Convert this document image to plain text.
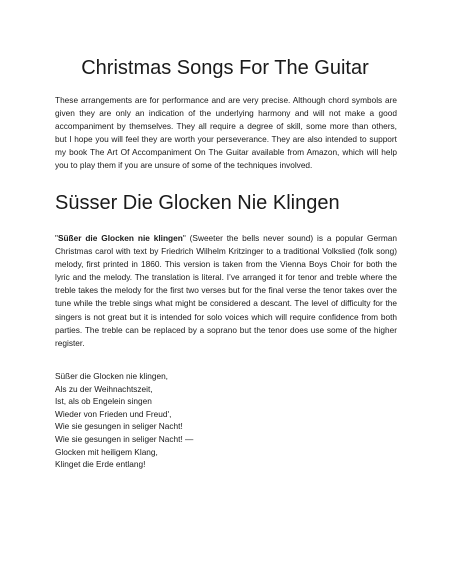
Christmas Songs For The Guitar

These arrangements are for performance and are very precise. Although chord symbols are given they are only an indication of the underlying harmony and will not make a good accompaniment by themselves. They all require a degree of skill, some more than others, but I hope you will feel they are worth your perseverance. They are also intended to support my book The Art Of Accompaniment On The Guitar available from Amazon, which will help you to play them if you are unsure of some of the techniques involved.

Süsser Die Glocken Nie Klingen

"Süßer die Glocken nie klingen" (Sweeter the bells never sound) is a popular German Christmas carol with text by Friedrich Wilhelm Kritzinger to a traditional Volkslied (folk song) melody, first printed in 1860. This version is taken from the Vienna Boys Choir for both the lyric and the melody. The translation is literal. I’ve arranged it for tenor and treble where the treble takes the melody for the first two verses but for the final verse the tenor takes over the tune while the treble sings what might be considered a descant. The level of difficulty for the singers is not great but it is intended for solo voices which will require confidence from both parties. The treble can be replaced by a soprano but the tenor does use some of the higher register.

Süßer die Glocken nie klingen,
Als zu der Weihnachtszeit,
Ist, als ob Engelein singen
Wieder von Frieden und Freud',
Wie sie gesungen in seliger Nacht!
Wie sie gesungen in seliger Nacht! —
Glocken mit heiligem Klang,
Klinget die Erde entlang!
